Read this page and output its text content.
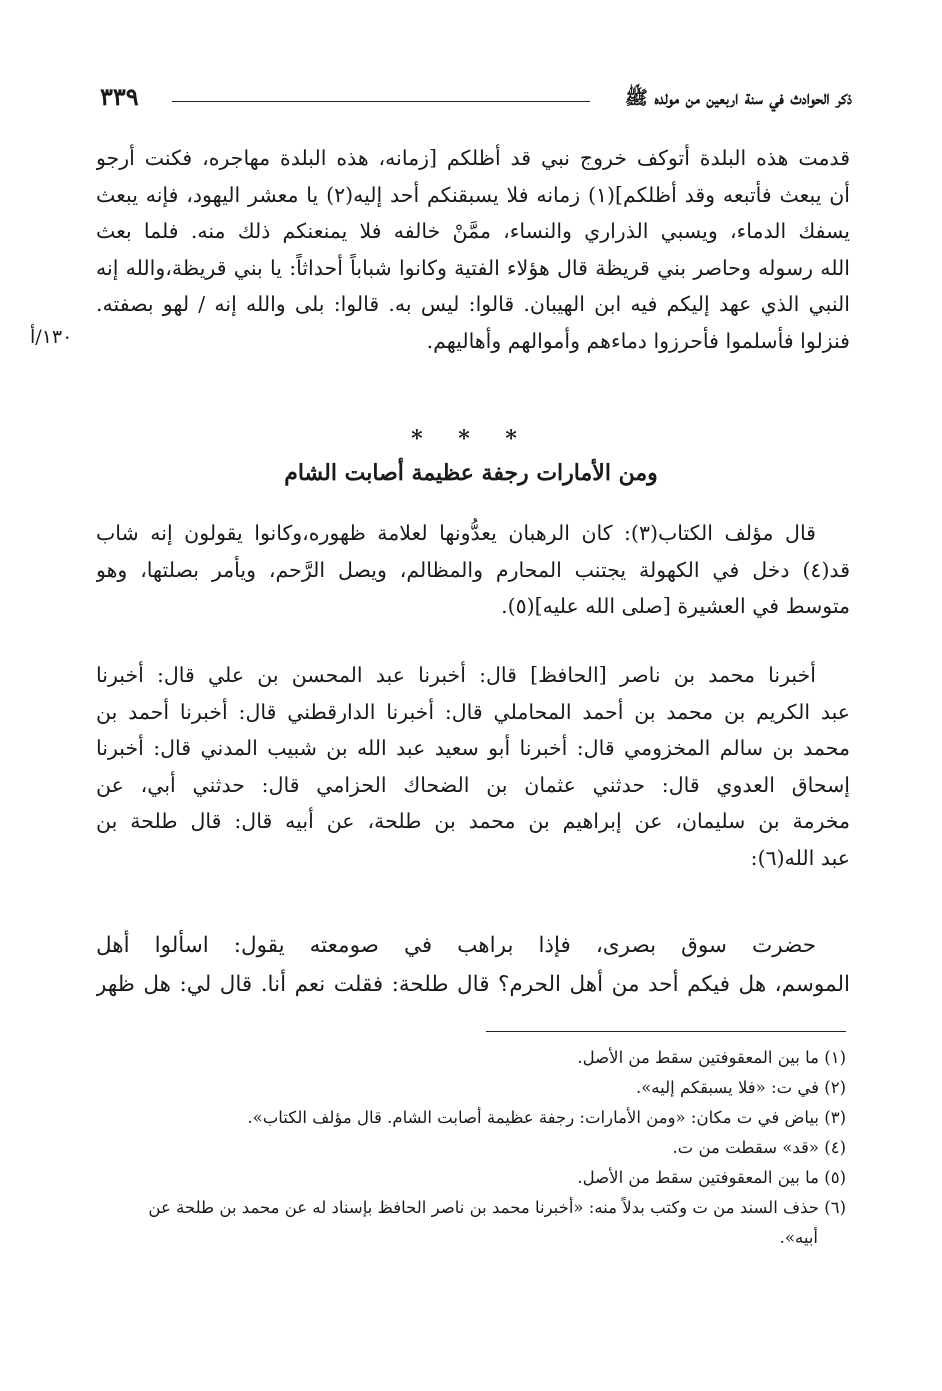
ذكر الحوادث في سنة اربعين من مولده ﷺ
٣٣٩
١٣٠/أ
قدمت هذه البلدة أتوكف خروج نبي قد أظلكم [زمانه، هذه البلدة مهاجره، فكنت أرجو
أن يبعث فأتبعه وقد أظلكم](١) زمانه فلا يسبقنكم أحد إليه(٢) يا معشر اليهود، فإنه يبعث
يسفك الدماء، ويسبي الذراري والنساء، ممَّنْ خالفه فلا يمنعنكم ذلك منه. فلما بعث
الله رسوله وحاصر بني قريظة قال هؤلاء الفتية وكانوا شباباً أحداثاً: يا بني قريظة،والله إنه
النبي الذي عهد إليكم فيه ابن الهيبان. قالوا: ليس به. قالوا: بلى والله إنه / لهو بصفته.
فنزلوا فأسلموا فأحرزوا دماءهم وأموالهم وأهاليهم.
* * *
ومن الأمارات رجفة عظيمة أصابت الشام
قال مؤلف الكتاب(٣): كان الرهبان يعدُّونها لعلامة ظهوره،وكانوا يقولون إنه شاب
قد(٤) دخل في الكهولة يجتنب المحارم والمظالم، ويصل الرَّحم، ويأمر بصلتها، وهو
متوسط في العشيرة [صلى الله عليه](٥).
أخبرنا محمد بن ناصر [الحافظ] قال: أخبرنا عبد المحسن بن علي قال: أخبرنا
عبد الكريم بن محمد بن أحمد المحاملي قال: أخبرنا الدارقطني قال: أخبرنا أحمد بن
محمد بن سالم المخزومي قال: أخبرنا أبو سعيد عبد الله بن شبيب المدني قال: أخبرنا
إسحاق العدوي قال: حدثني عثمان بن الضحاك الحزامي قال: حدثني أبي، عن
مخرمة بن سليمان، عن إبراهيم بن محمد بن طلحة، عن أبيه قال: قال طلحة بن
عبد الله(٦):
حضرت سوق بصرى، فإذا براهب في صومعته يقول: اسألوا أهل
الموسم، هل فيكم أحد من أهل الحرم؟ قال طلحة: فقلت نعم أنا. قال لي: هل ظهر
(١) ما بين المعقوفتين سقط من الأصل.
(٢) في ت: «فلا يسبقكم إليه».
(٣) بياض في ت مكان: «ومن الأمارات: رجفة عظيمة أصابت الشام. قال مؤلف الكتاب».
(٤) «قد» سقطت من ت.
(٥) ما بين المعقوفتين سقط من الأصل.
(٦) حذف السند من ت وكتب بدلاً منه: «أخبرنا محمد بن ناصر الحافظ بإسناد له عن محمد بن طلحة عن
أبيه».
